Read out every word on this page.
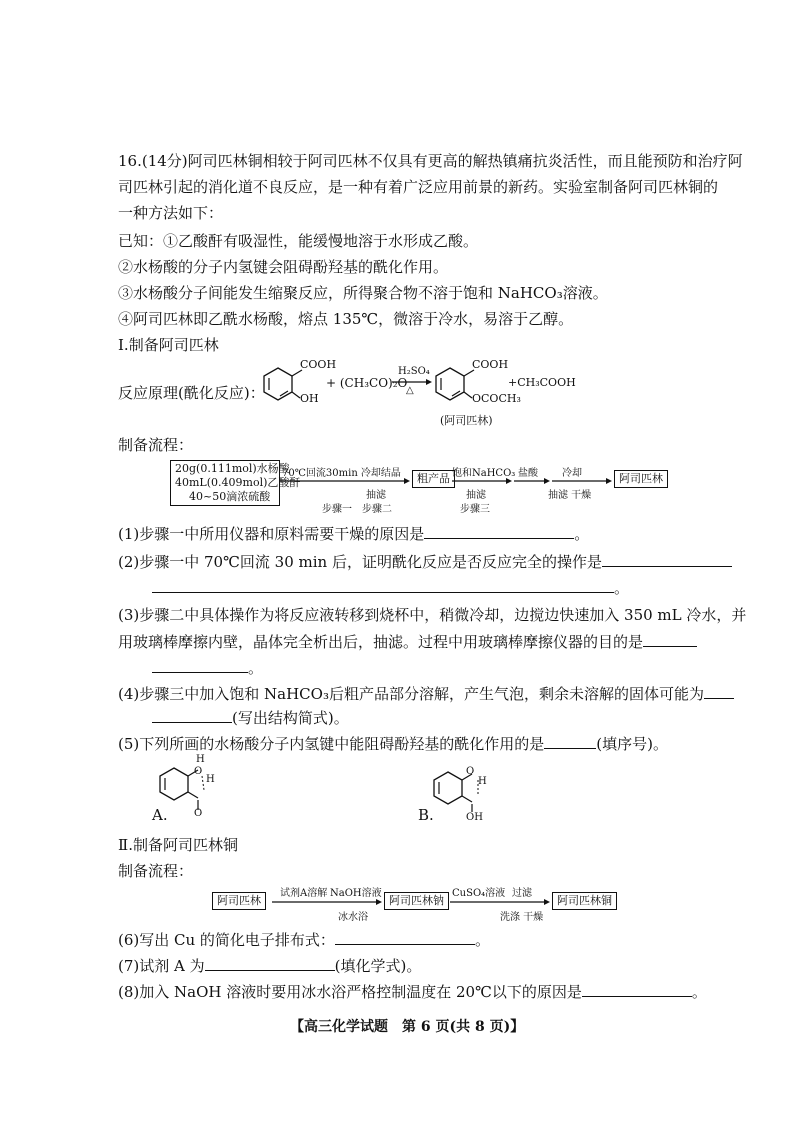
16.(14分)阿司匹林铜相较于阿司匹林不仅具有更高的解热镇痛抗炎活性，而且能预防和治疗阿
司匹林引起的消化道不良反应，是一种有着广泛应用前景的新药。实验室制备阿司匹林铜的
一种方法如下：
已知：①乙酸酐有吸湿性，能缓慢地溶于水形成乙酸。
②水杨酸的分子内氢键会阻碍酚羟基的酰化作用。
③水杨酸分子间能发生缩聚反应，所得聚合物不溶于饱和 NaHCO₃溶液。
④阿司匹林即乙酰水杨酸，熔点 135℃，微溶于冷水，易溶于乙醇。
Ⅰ.制备阿司匹林
反应原理(酰化反应)：
COOH
OH
+ (CH₃CO)₂O
H₂SO₄
△
COOH
OCOCH₃
+CH₃COOH
(阿司匹林)
制备流程：
20g(0.111mol)水杨酸
40mL(0.409mol)乙酸酐
40~50滴浓硫酸
70℃回流30min 冷却结晶
抽滤
步骤一 步骤二
粗产品 饱和NaHCO₃
抽滤
步骤三
盐酸 冷却
抽滤 干燥
阿司匹林
(1)步骤一中所用仪器和原料需要干燥的原因是	。
(2)步骤一中 70℃回流 30 min 后，证明酰化反应是否反应完全的操作是
。
(3)步骤二中具体操作为将反应液转移到烧杯中，稍微冷却，边搅边快速加入 350 mL 冷水，并
用玻璃棒摩擦内壁，晶体完全析出后，抽滤。过程中用玻璃棒摩擦仪器的目的是
。
(4)步骤三中加入饱和 NaHCO₃后粗产品部分溶解，产生气泡，剩余未溶解的固体可能为
(写出结构简式)。
(5)下列所画的水杨酸分子内氢键中能阻碍酚羟基的酰化作用的是	(填序号)。
H
O
H
O
A.
O
H
OH
B.
Ⅱ.制备阿司匹林铜
制备流程：
阿司匹林
试剂A溶解 NaOH溶液
冰水浴
阿司匹林钠
CuSO₄溶液 过滤
洗涤 干燥
阿司匹林铜
(6)写出 Cu 的简化电子排布式：	。
(7)试剂 A 为	(填化学式)。
(8)加入 NaOH 溶液时要用冰水浴严格控制温度在 20℃以下的原因是	。
【高三化学试题　第 6 页(共 8 页)】
